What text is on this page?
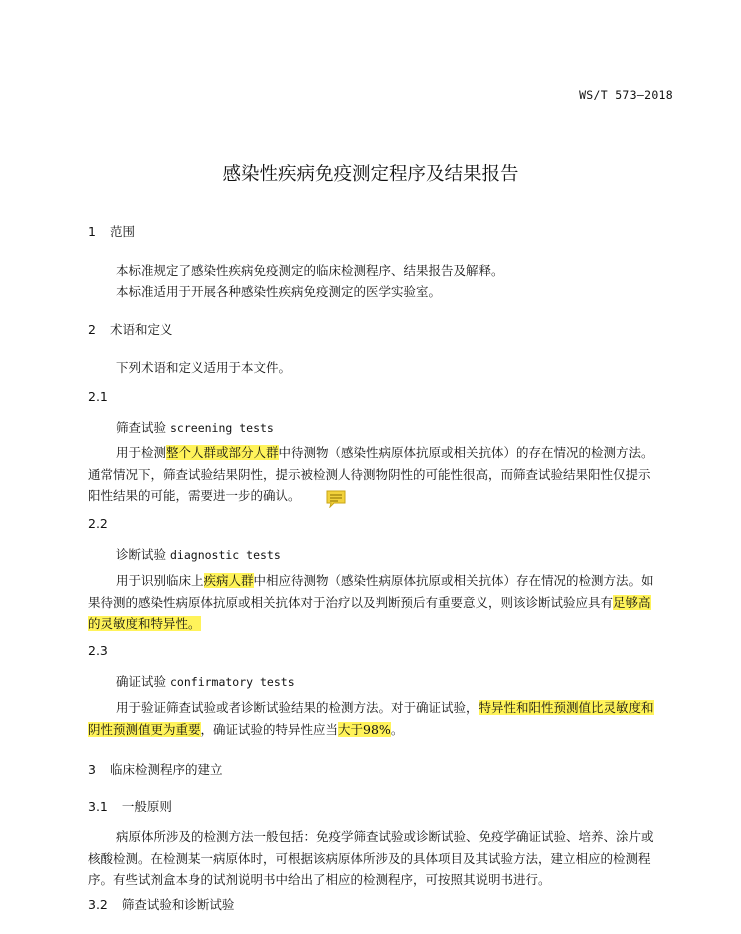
WS/T 573—2018
感染性疾病免疫测定程序及结果报告
1 范围
本标准规定了感染性疾病免疫测定的临床检测程序、结果报告及解释。
本标准适用于开展各种感染性疾病免疫测定的医学实验室。
2 术语和定义
下列术语和定义适用于本文件。
2.1
筛查试验 screening tests
用于检测整个人群或部分人群中待测物（感染性病原体抗原或相关抗体）的存在情况的检测方法。
通常情况下，筛查试验结果阴性，提示被检测人待测物阴性的可能性很高，而筛查试验结果阳性仅提示
阳性结果的可能，需要进一步的确认。
2.2
诊断试验 diagnostic tests
用于识别临床上疾病人群中相应待测物（感染性病原体抗原或相关抗体）存在情况的检测方法。如
果待测的感染性病原体抗原或相关抗体对于治疗以及判断预后有重要意义，则该诊断试验应具有足够高
的灵敏度和特异性。
2.3
确证试验 confirmatory tests
用于验证筛查试验或者诊断试验结果的检测方法。对于确证试验，特异性和阳性预测值比灵敏度和
阴性预测值更为重要，确证试验的特异性应当大于98%。
3 临床检测程序的建立
3.1 一般原则
病原体所涉及的检测方法一般包括：免疫学筛查试验或诊断试验、免疫学确证试验、培养、涂片或
核酸检测。在检测某一病原体时，可根据该病原体所涉及的具体项目及其试验方法，建立相应的检测程
序。有些试剂盒本身的试剂说明书中给出了相应的检测程序，可按照其说明书进行。
3.2 筛查试验和诊断试验
